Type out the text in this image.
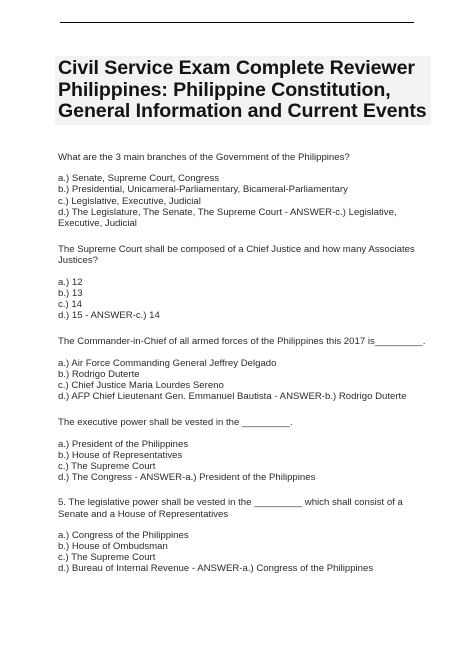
Civil Service Exam Complete Reviewer Philippines: Philippine Constitution, General Information and Current Events

What are the 3 main branches of the Government of the Philippines?

a.) Senate, Supreme Court, Congress

b.) Presidential, Unicameral-Parliamentary, Bicameral-Parliamentary

c.) Legislative, Executive, Judicial

d.) The Legislature, The Senate, The Supreme Court - ANSWER-c.) Legislative, Executive, Judicial

The Supreme Court shall be composed of a Chief Justice and how many Associates Justices?

a.) 12

b.) 13

c.) 14

d.) 15 - ANSWER-c.) 14

The Commander-in-Chief of all armed forces of the Philippines this 2017 is_________.

a.) Air Force Commanding General Jeffrey Delgado

b.) Rodrigo Duterte

c.) Chief Justice Maria Lourdes Sereno

d.) AFP Chief Lieutenant Gen. Emmanuel Bautista - ANSWER-b.) Rodrigo Duterte

The executive power shall be vested in the _________.

a.) President of the Philippines

b.) House of Representatives

c.) The Supreme Court

d.) The Congress - ANSWER-a.) President of the Philippines

5. The legislative power shall be vested in the _________ which shall consist of a Senate and a House of Representatives

a.) Congress of the Philippines

b.) House of Ombudsman

c.) The Supreme Court

d.) Bureau of Internal Revenue - ANSWER-a.) Congress of the Philippines
